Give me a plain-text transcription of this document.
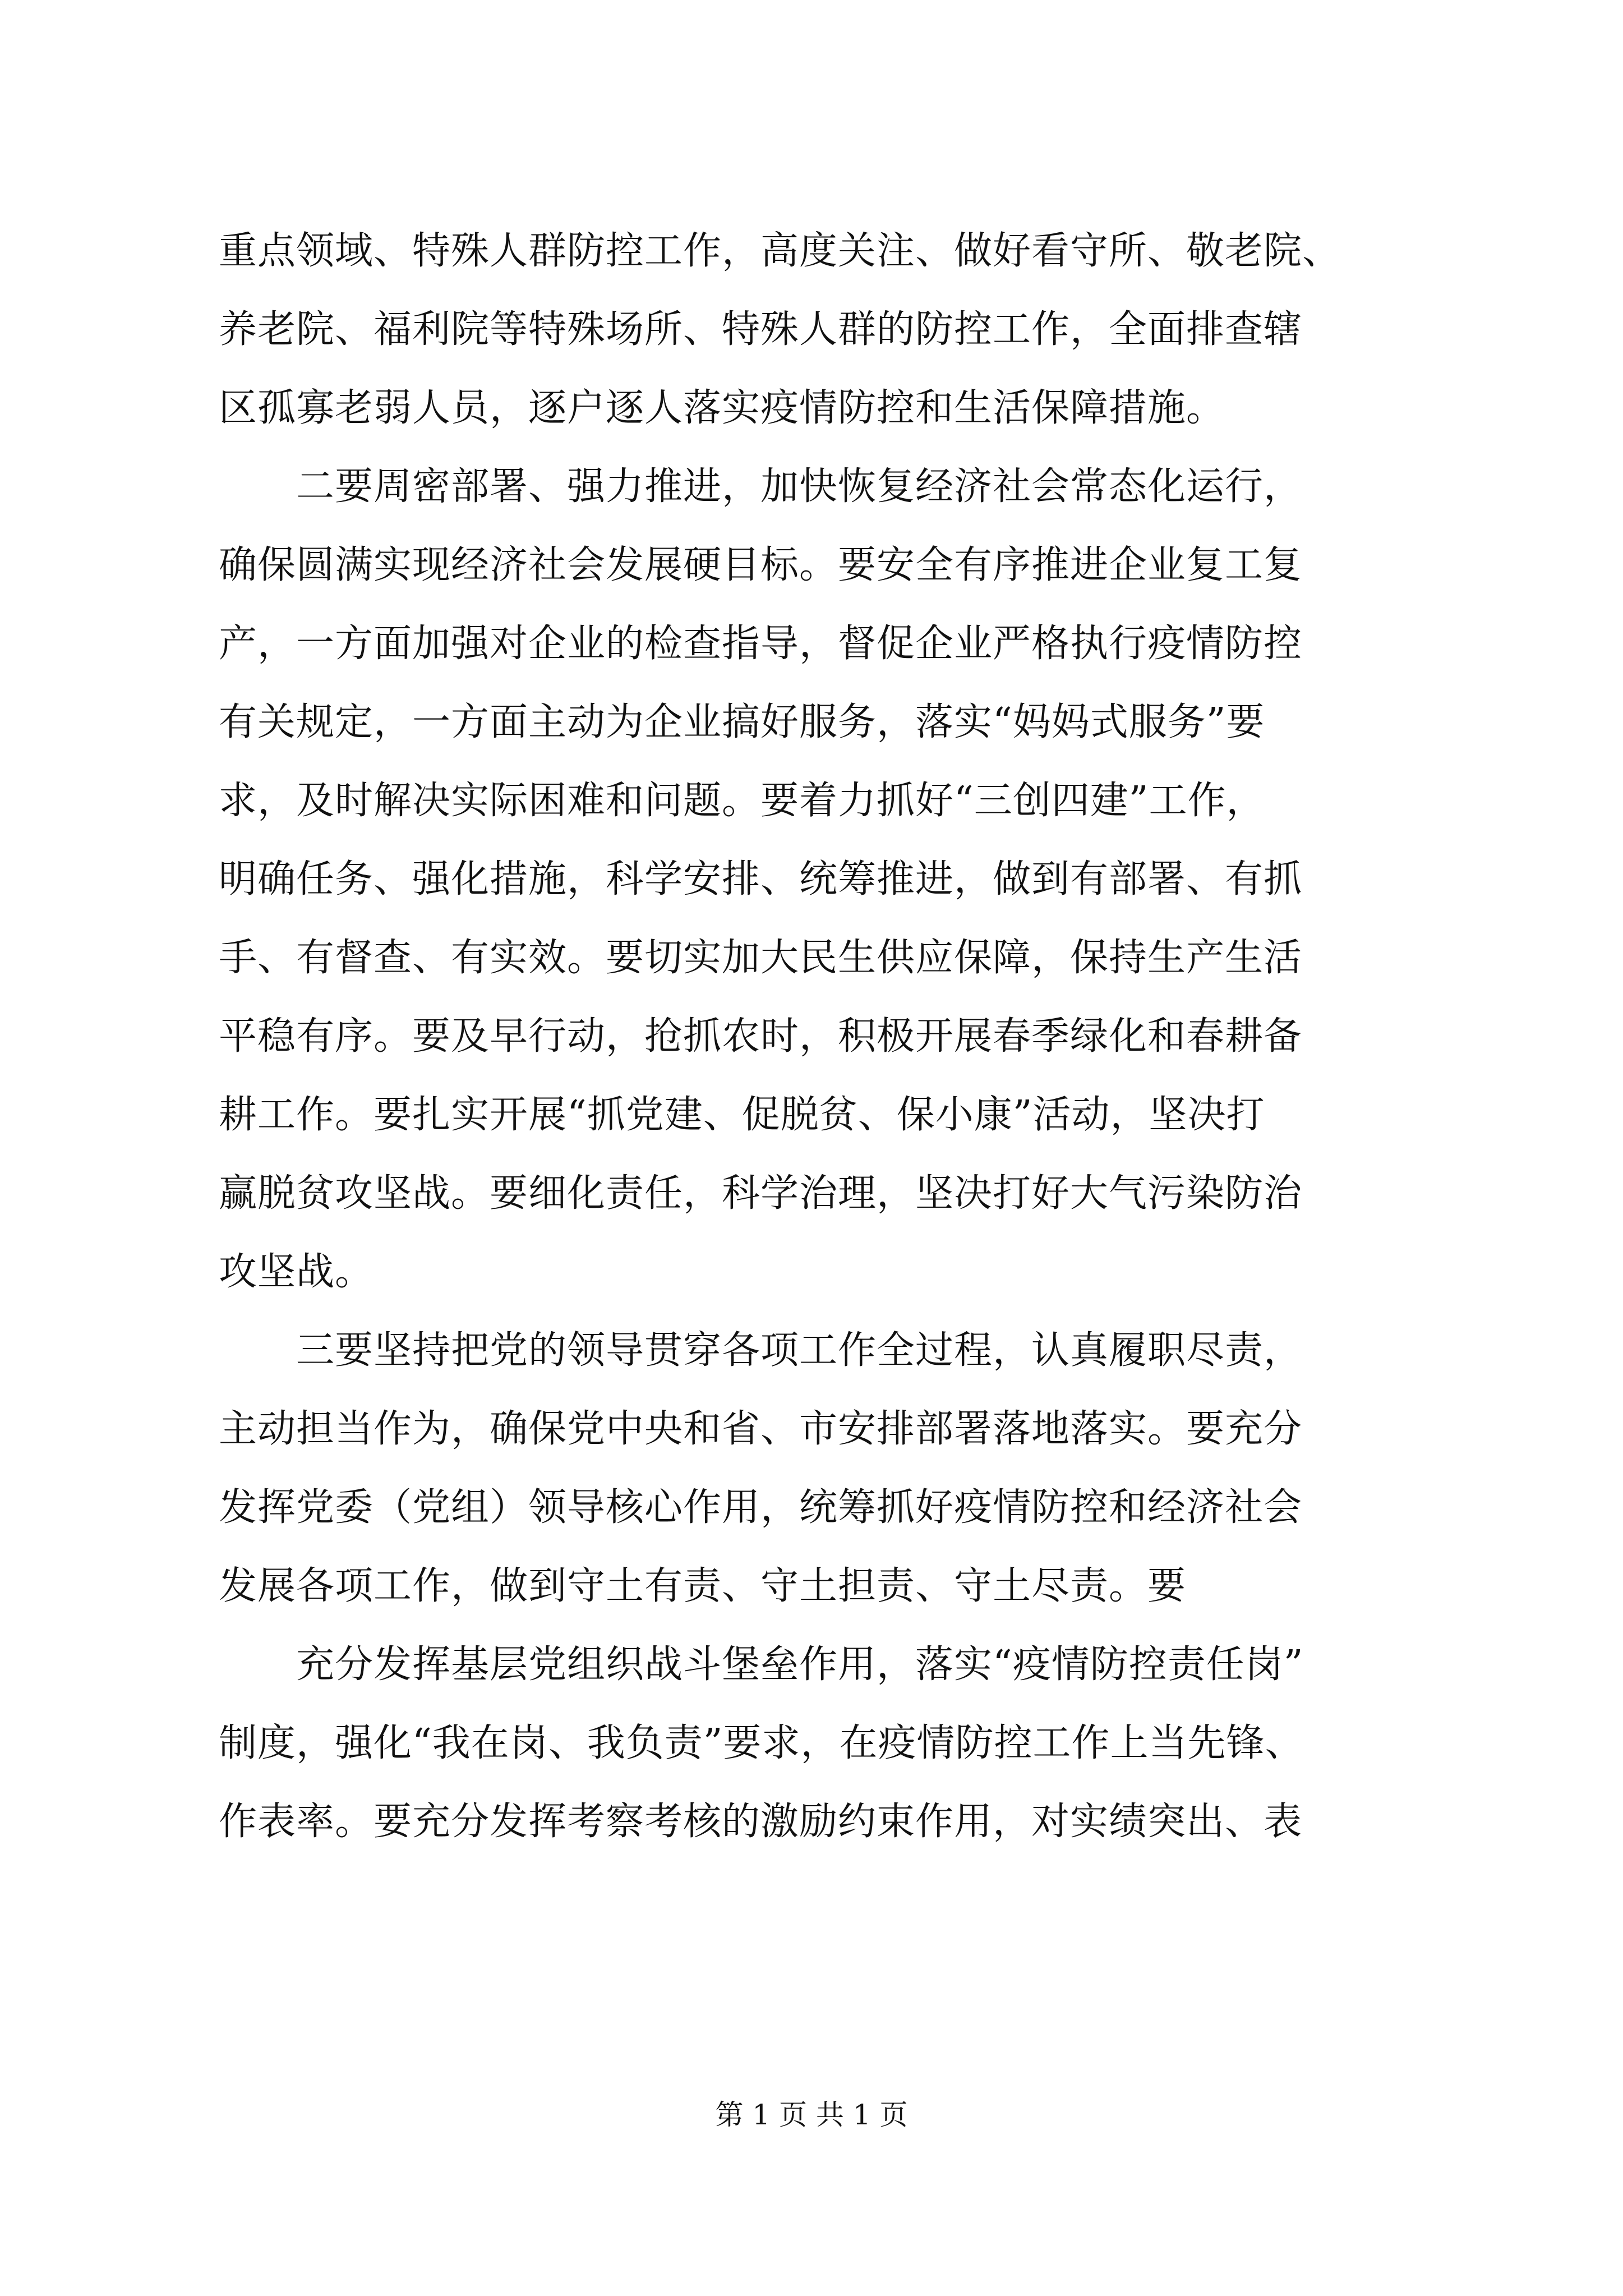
重点领域、特殊人群防控工作，高度关注、做好看守所、敬老院、
养老院、福利院等特殊场所、特殊人群的防控工作，全面排查辖
区孤寡老弱人员，逐户逐人落实疫情防控和生活保障措施。
　　二要周密部署、强力推进，加快恢复经济社会常态化运行，
确保圆满实现经济社会发展硬目标。要安全有序推进企业复工复
产，一方面加强对企业的检查指导，督促企业严格执行疫情防控
有关规定，一方面主动为企业搞好服务，落实“妈妈式服务”要
求，及时解决实际困难和问题。要着力抓好“三创四建”工作，
明确任务、强化措施，科学安排、统筹推进，做到有部署、有抓
手、有督查、有实效。要切实加大民生供应保障，保持生产生活
平稳有序。要及早行动，抢抓农时，积极开展春季绿化和春耕备
耕工作。要扎实开展“抓党建、促脱贫、保小康”活动，坚决打
赢脱贫攻坚战。要细化责任，科学治理，坚决打好大气污染防治
攻坚战。
　　三要坚持把党的领导贯穿各项工作全过程，认真履职尽责，
主动担当作为，确保党中央和省、市安排部署落地落实。要充分
发挥党委（党组）领导核心作用，统筹抓好疫情防控和经济社会
发展各项工作，做到守土有责、守土担责、守土尽责。要
　　充分发挥基层党组织战斗堡垒作用，落实“疫情防控责任岗”
制度，强化“我在岗、我负责”要求，在疫情防控工作上当先锋、
作表率。要充分发挥考察考核的激励约束作用，对实绩突出、表
第 1 页 共 1 页
